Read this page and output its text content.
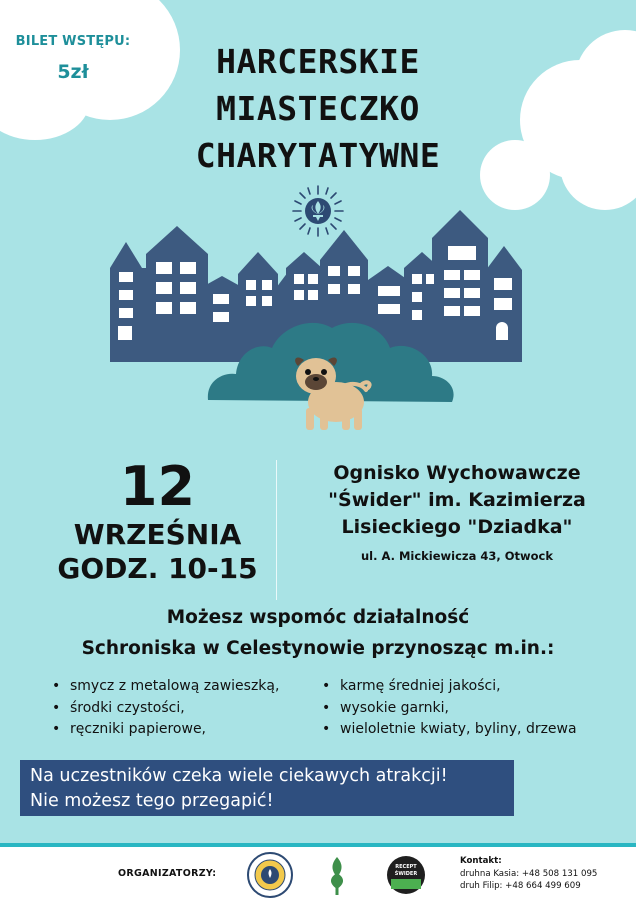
BILET WSTĘPU:
5zł	HARCERSKIE
MIASTECZKO
CHARYTATYWNE
12
WRZEŚNIA
GODZ. 10-15
Ognisko Wychowawcze
"Świder" im. Kazimierza
Lisieckiego "Dziadka"
ul. A. Mickiewicza 43, Otwock
Możesz wspomóc działalność
Schroniska w Celestynowie przynosząc m.in.:
• smycz z metalową zawieszką,
• środki czystości,
• ręczniki papierowe,
• karmę średniej jakości,
• wysokie garnki,
• wieloletnie kwiaty, byliny, drzewa
Na uczestników czeka wiele ciekawych atrakcji!
Nie możesz tego przegapić!
ORGANIZATORZY:
RECEPT
ŚWIDER
Kontakt:
druhna Kasia: +48 508 131 095
druh Filip: +48 664 499 609
